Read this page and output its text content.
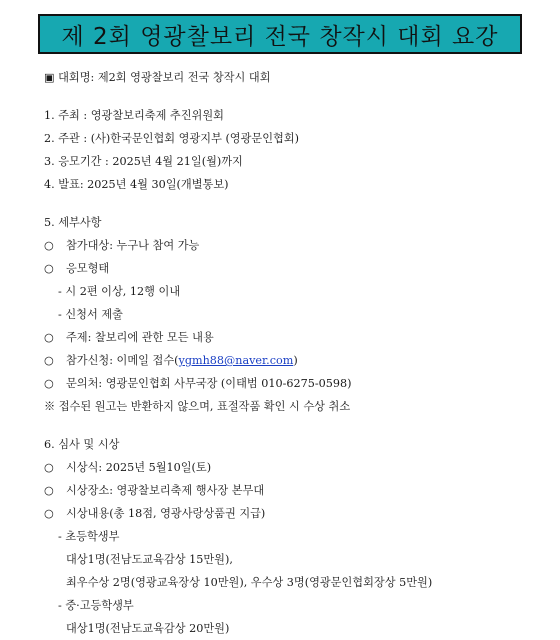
제 2회 영광찰보리 전국 창작시 대회 요강
▣ 대회명: 제2회 영광찰보리 전국 창작시 대회
1. 주최 : 영광찰보리축제 추진위원회
2. 주관 : (사)한국문인협회 영광지부 (영광문인협회)
3. 응모기간 : 2025년 4월 21일(월)까지
4. 발표: 2025년 4월 30일(개별통보)
5. 세부사항
○ 참가대상: 누구나 참여 가능
○ 응모형태
- 시 2편 이상, 12행 이내
- 신청서 제출
○ 주제: 찰보리에 관한 모든 내용
○ 참가신청: 이메일 접수(ygmh88@naver.com)
○ 문의처: 영광문인협회 사무국장 (이태범 010-6275-0598)
※ 접수된 원고는 반환하지 않으며, 표절작품 확인 시 수상 취소
6. 심사 및 시상
○ 시상식: 2025년 5월10일(토)
○ 시상장소: 영광찰보리축제 행사장 본무대
○ 시상내용(총 18점, 영광사랑상품권 지급)
- 초등학생부
대상1명(전남도교육감상 15만원),
최우수상 2명(영광교육장상 10만원), 우수상 3명(영광문인협회장상 5만원)
- 중·고등학생부
대상1명(전남도교육감상 20만원)
